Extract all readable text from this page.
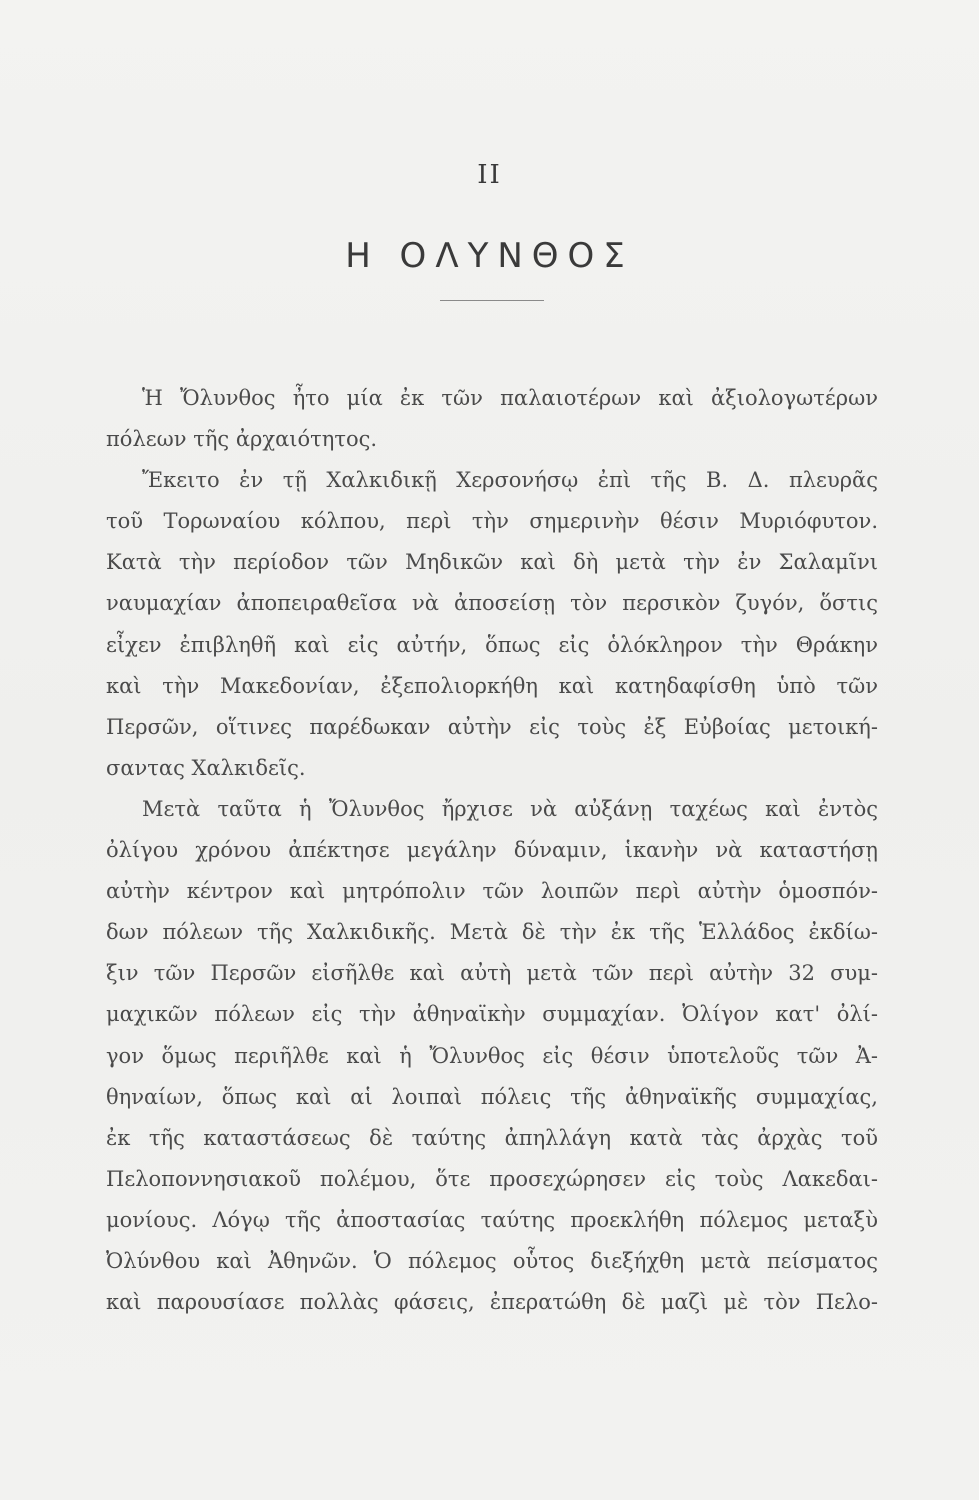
II
Η ΟΛΥΝΘΟΣ
Ἡ Ὄλυνθος ἦτο μία ἐκ τῶν παλαιοτέρων καὶ ἀξιολογωτέρων
πόλεων τῆς ἀρχαιότητος.
Ἔκειτο ἐν τῇ Χαλκιδικῇ Χερσονήσῳ ἐπὶ τῆς Β. Δ. πλευρᾶς
τοῦ Τορωναίου κόλπου, περὶ τὴν σημερινὴν θέσιν Μυριόφυτον.
Κατὰ τὴν περίοδον τῶν Μηδικῶν καὶ δὴ μετὰ τὴν ἐν Σαλαμῖνι
ναυμαχίαν ἀποπειραθεῖσα νὰ ἀποσείσῃ τὸν περσικὸν ζυγόν, ὅστις
εἶχεν ἐπιβληθῆ καὶ εἰς αὐτήν, ὅπως εἰς ὁλόκληρον τὴν Θράκην
καὶ τὴν Μακεδονίαν, ἐξεπολιορκήθη καὶ κατηδαφίσθη ὑπὸ τῶν
Περσῶν, οἵτινες παρέδωκαν αὐτὴν εἰς τοὺς ἐξ Εὐβοίας μετοική-
σαντας Χαλκιδεῖς.
Μετὰ ταῦτα ἡ Ὄλυνθος ἤρχισε νὰ αὐξάνῃ ταχέως καὶ ἐντὸς
ὀλίγου χρόνου ἀπέκτησε μεγάλην δύναμιν, ἱκανὴν νὰ καταστήσῃ
αὐτὴν κέντρον καὶ μητρόπολιν τῶν λοιπῶν περὶ αὐτὴν ὁμοσπόν-
δων πόλεων τῆς Χαλκιδικῆς. Μετὰ δὲ τὴν ἐκ τῆς Ἑλλάδος ἐκδίω-
ξιν τῶν Περσῶν εἰσῆλθε καὶ αὐτὴ μετὰ τῶν περὶ αὐτὴν 32 συμ-
μαχικῶν πόλεων εἰς τὴν ἀθηναϊκὴν συμμαχίαν. Ὀλίγον κατ' ὀλί-
γον ὅμως περιῆλθε καὶ ἡ Ὄλυνθος εἰς θέσιν ὑποτελοῦς τῶν Ἀ-
θηναίων, ὅπως καὶ αἱ λοιπαὶ πόλεις τῆς ἀθηναϊκῆς συμμαχίας,
ἐκ τῆς καταστάσεως δὲ ταύτης ἀπηλλάγη κατὰ τὰς ἀρχὰς τοῦ
Πελοποννησιακοῦ πολέμου, ὅτε προσεχώρησεν εἰς τοὺς Λακεδαι-
μονίους. Λόγῳ τῆς ἀποστασίας ταύτης προεκλήθη πόλεμος μεταξὺ
Ὀλύνθου καὶ Ἀθηνῶν. Ὁ πόλεμος οὗτος διεξήχθη μετὰ πείσματος
καὶ παρουσίασε πολλὰς φάσεις, ἐπερατώθη δὲ μαζὶ μὲ τὸν Πελο-
